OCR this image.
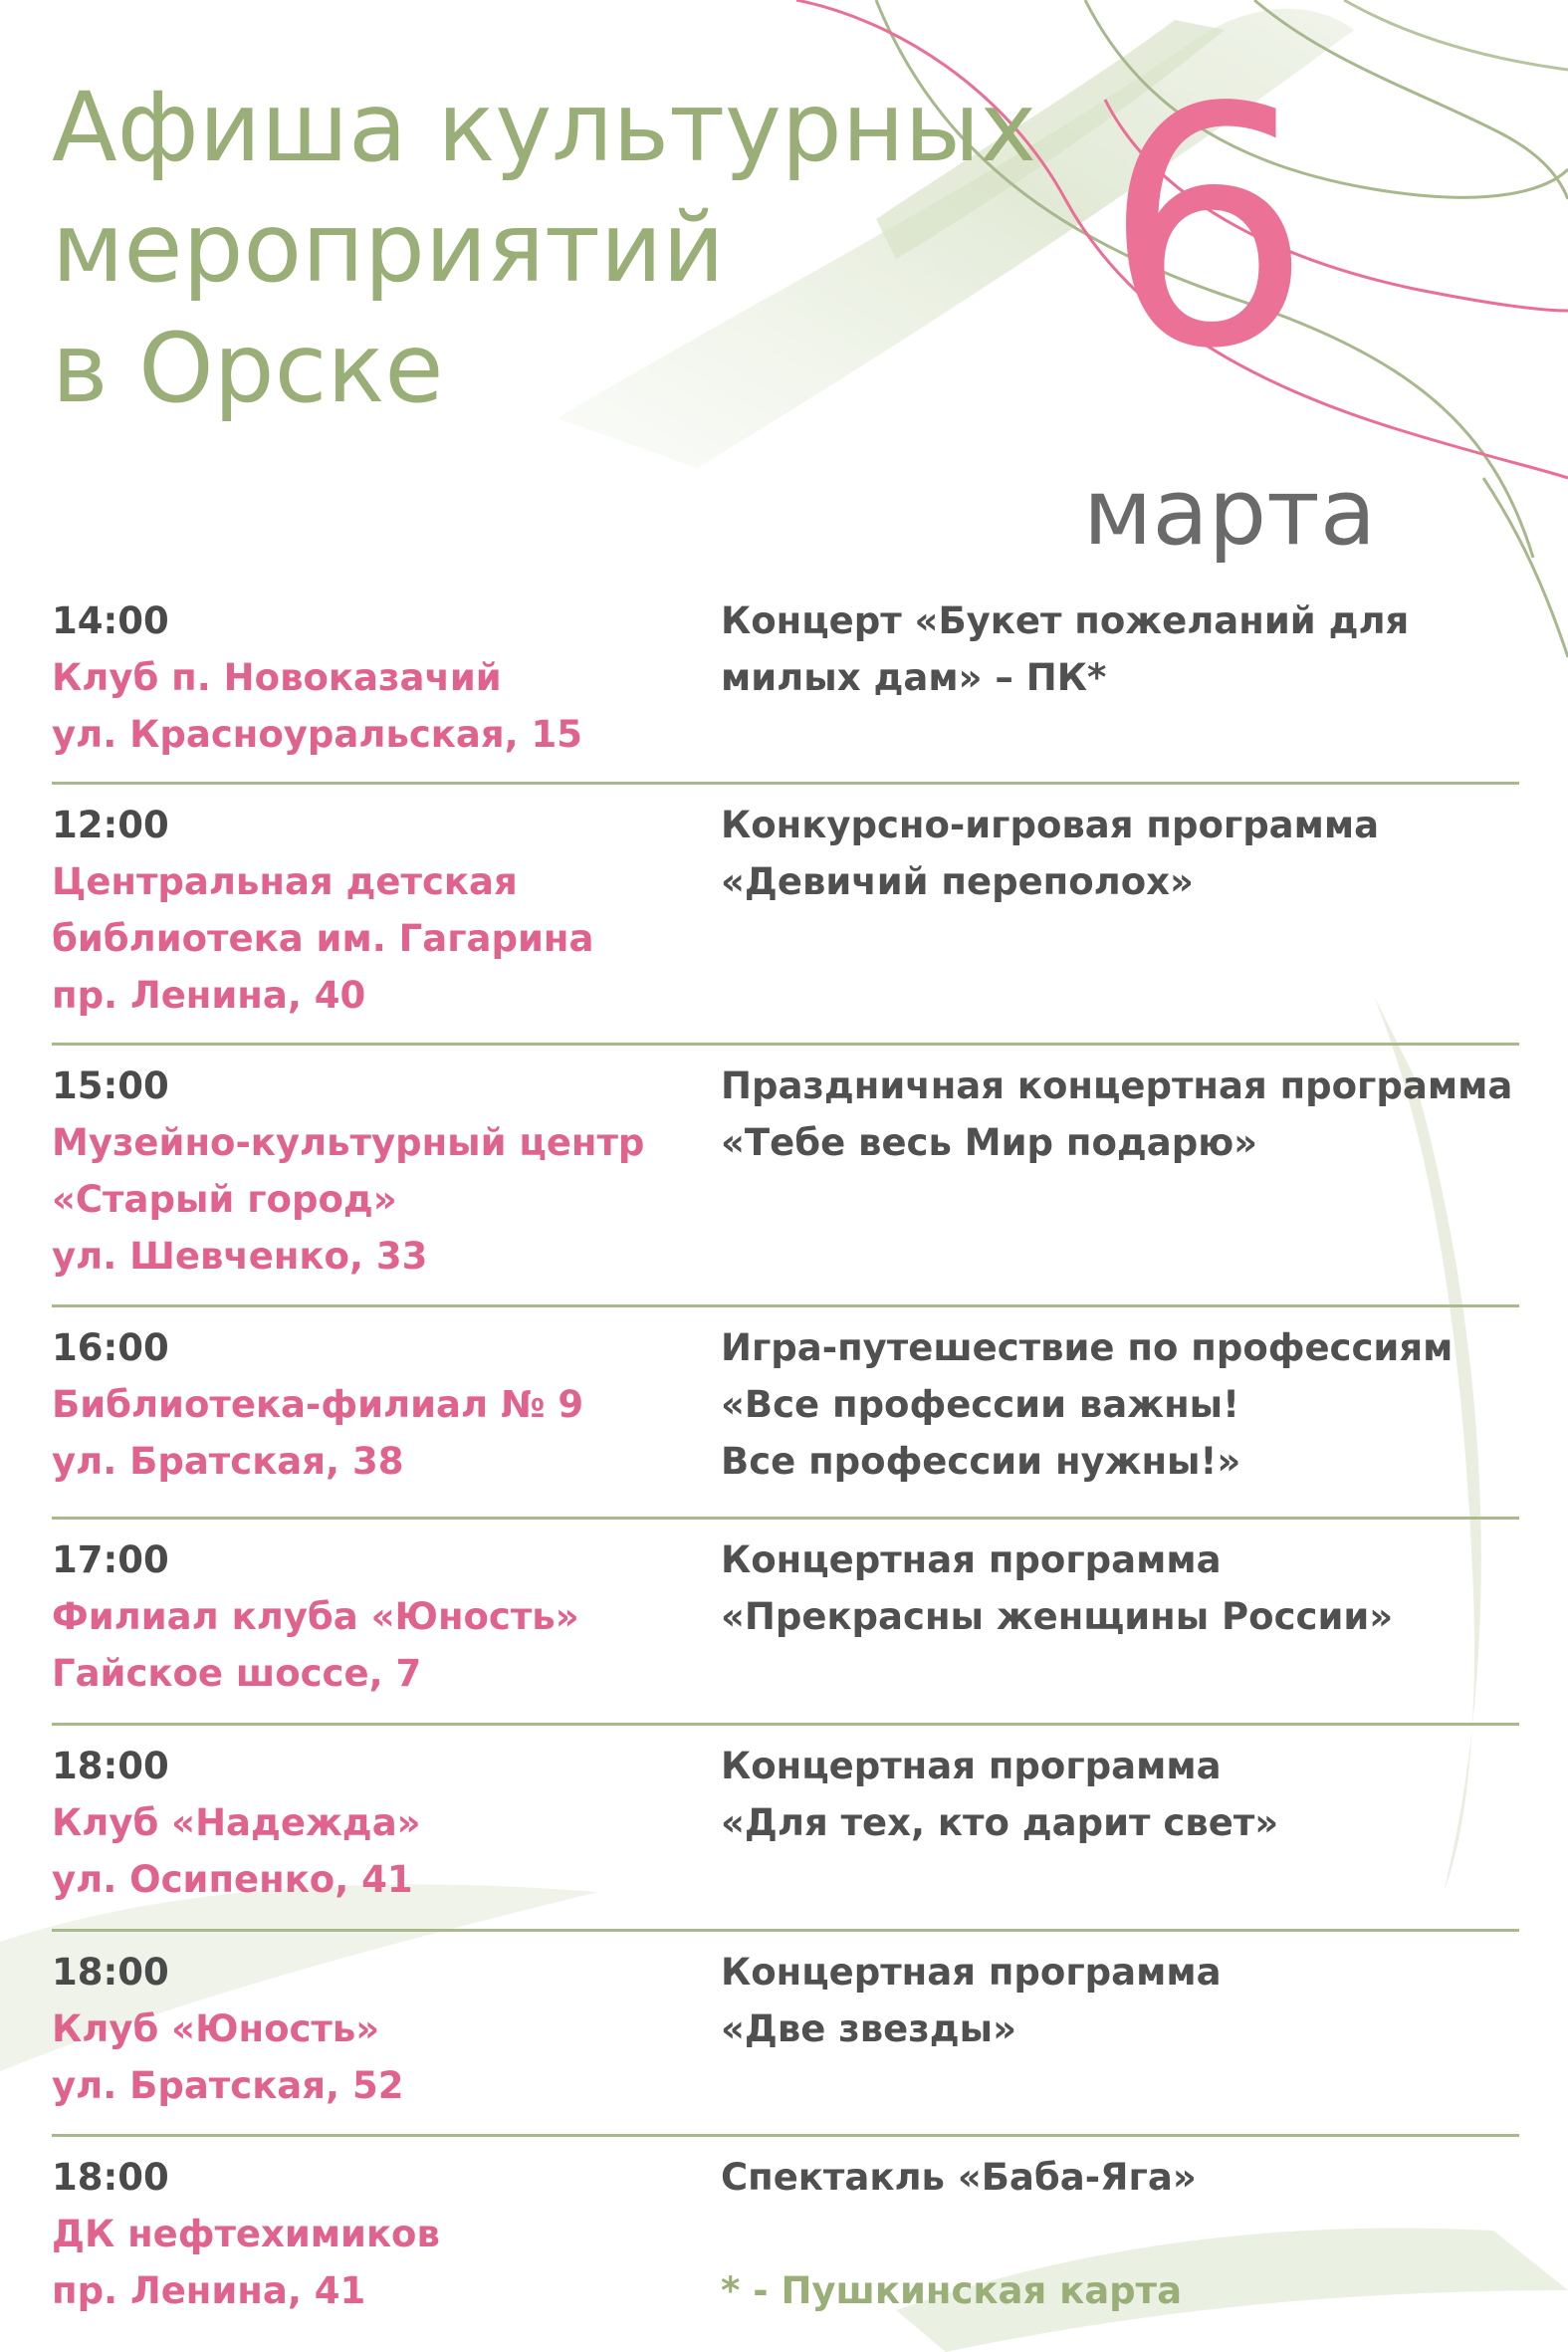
Афиша культурных
мероприятий
в Орске	6
марта
14:00
Клуб п. Новоказачий
ул. Красноуральская, 15
Концерт «Букет пожеланий для
милых дам» – ПК*
12:00
Центральная детская
библиотека им. Гагарина
пр. Ленина, 40
Конкурсно-игровая программа
«Девичий переполох»
15:00
Музейно-культурный центр
«Старый город»
ул. Шевченко, 33
Праздничная концертная программа
«Тебе весь Мир подарю»
16:00
Библиотека-филиал № 9
ул. Братская, 38
Игра-путешествие по профессиям
«Все профессии важны!
Все профессии нужны!»
17:00
Филиал клуба «Юность»
Гайское шоссе, 7
Концертная программа
«Прекрасны женщины России»
18:00
Клуб «Надежда»
ул. Осипенко, 41
Концертная программа
«Для тех, кто дарит свет»
18:00
Клуб «Юность»
ул. Братская, 52
Концертная программа
«Две звезды»
18:00
ДК нефтехимиков
пр. Ленина, 41
Спектакль «Баба-Яга»

* - Пушкинская карта
